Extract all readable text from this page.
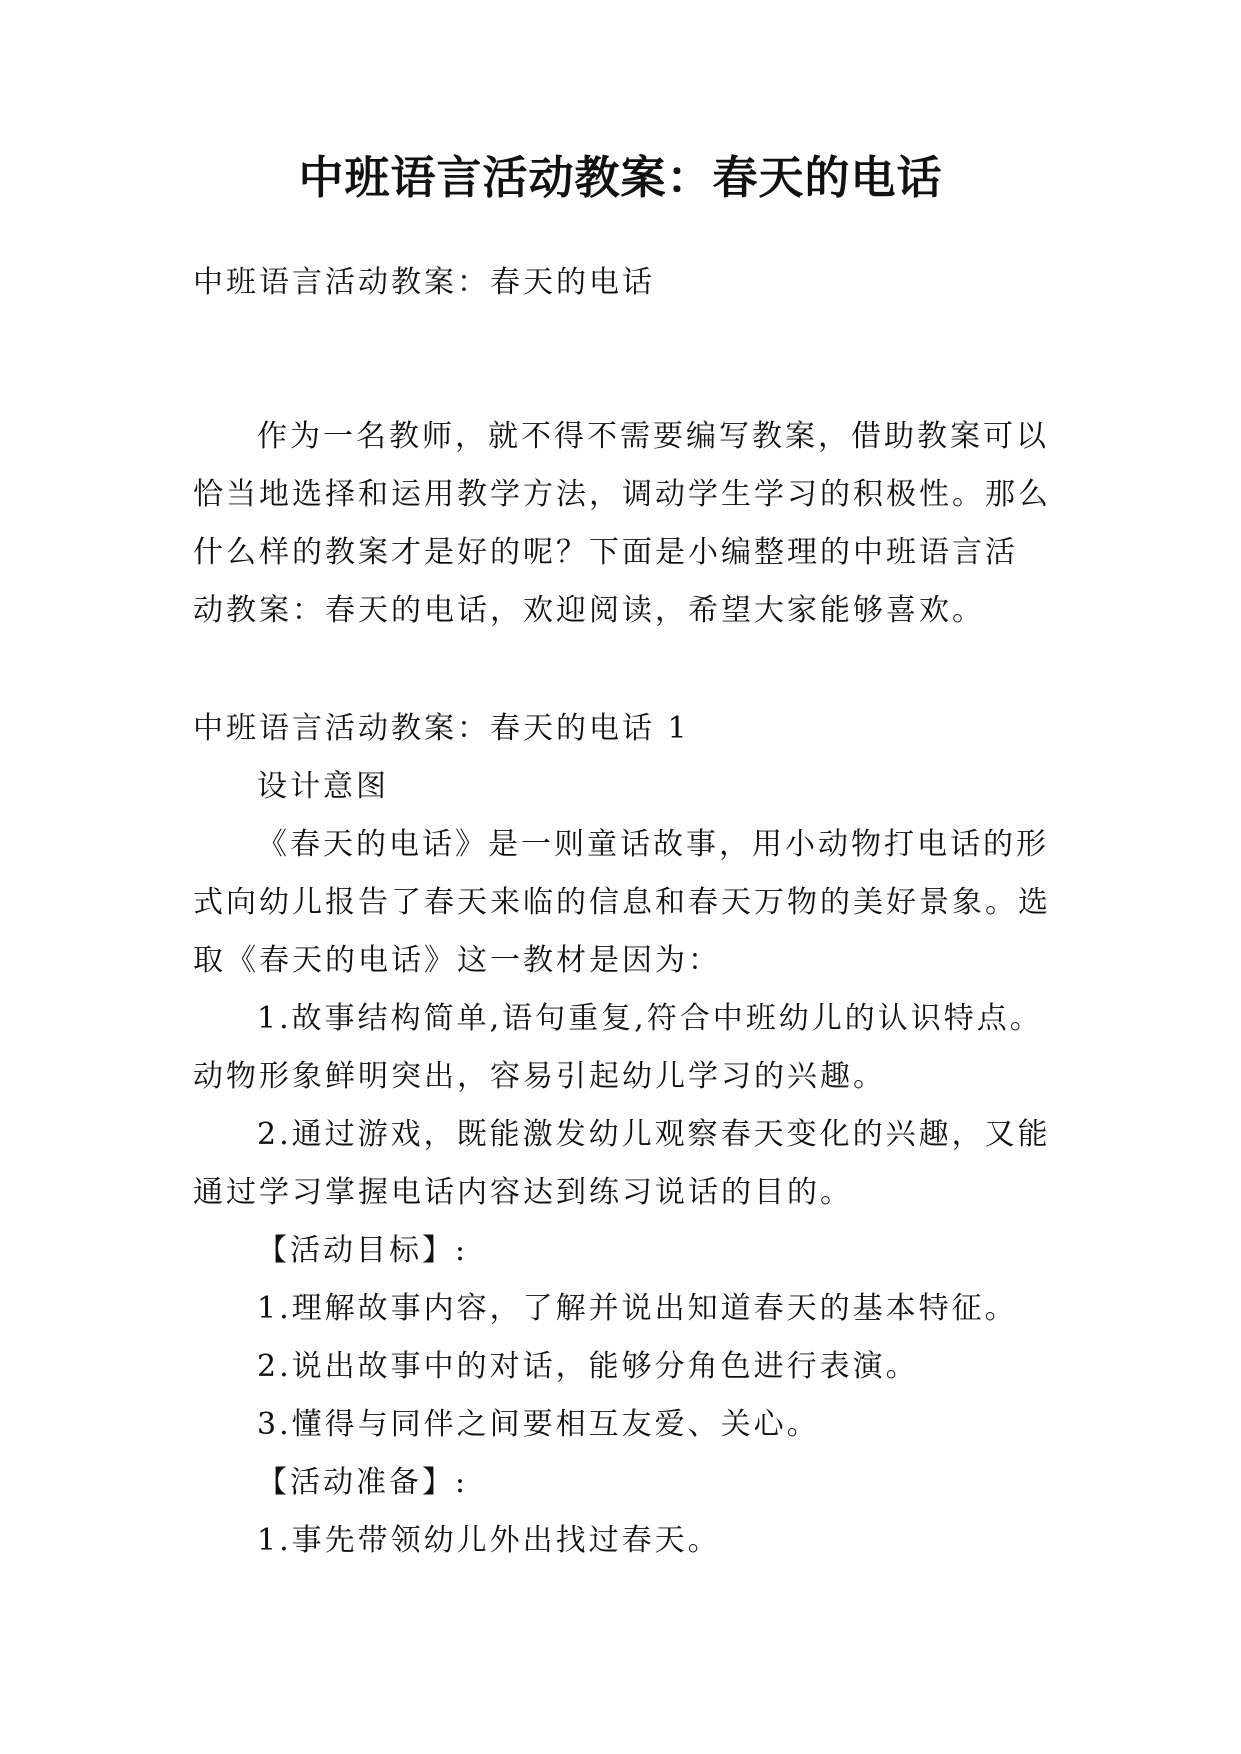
中班语言活动教案：春天的电话

中班语言活动教案：春天的电话

作为一名教师，就不得不需要编写教案，借助教案可以

恰当地选择和运用教学方法，调动学生学习的积极性。那么

什么样的教案才是好的呢？下面是小编整理的中班语言活

动教案：春天的电话，欢迎阅读，希望大家能够喜欢。

中班语言活动教案：春天的电话 1

设计意图

《春天的电话》是一则童话故事，用小动物打电话的形

式向幼儿报告了春天来临的信息和春天万物的美好景象。选

取《春天的电话》这一教材是因为：

1.故事结构简单,语句重复,符合中班幼儿的认识特点。

动物形象鲜明突出，容易引起幼儿学习的兴趣。

2.通过游戏，既能激发幼儿观察春天变化的兴趣，又能

通过学习掌握电话内容达到练习说话的目的。

【活动目标】:

1.理解故事内容，了解并说出知道春天的基本特征。

2.说出故事中的对话，能够分角色进行表演。

3.懂得与同伴之间要相互友爱、关心。

【活动准备】:

1.事先带领幼儿外出找过春天。
